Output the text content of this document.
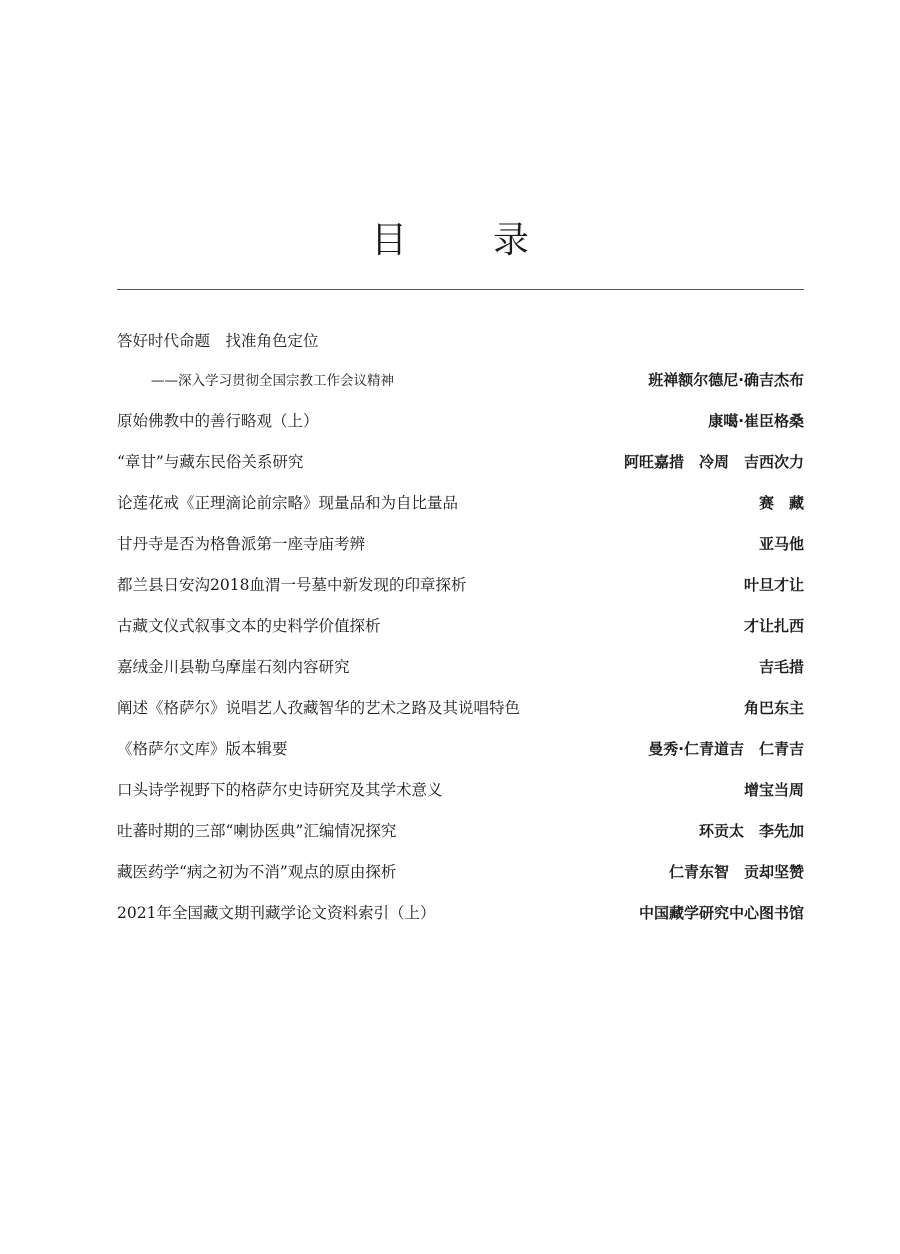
目 录
答好时代命题　找准角色定位
——深入学习贯彻全国宗教工作会议精神	班禅额尔德尼·确吉杰布
原始佛教中的善行略观（上）	康噶·崔臣格桑
“章甘”与藏东民俗关系研究	阿旺嘉措　冷周　吉西次力
论莲花戒《正理滴论前宗略》现量品和为自比量品	赛　藏
甘丹寺是否为格鲁派第一座寺庙考辨	亚马他
都兰县日安沟2018血渭一号墓中新发现的印章探析	叶旦才让
古藏文仪式叙事文本的史料学价值探析	才让扎西
嘉绒金川县勒乌摩崖石刻内容研究	吉毛措
阐述《格萨尔》说唱艺人孜藏智华的艺术之路及其说唱特色	角巴东主
《格萨尔文库》版本辑要	曼秀·仁青道吉　仁青吉
口头诗学视野下的格萨尔史诗研究及其学术意义	增宝当周
吐蕃时期的三部“喇协医典”汇编情况探究	环贡太　李先加
藏医药学“病之初为不消”观点的原由探析	仁青东智　贡却坚赞
2021年全国藏文期刊藏学论文资料索引（上）	中国藏学研究中心图书馆
